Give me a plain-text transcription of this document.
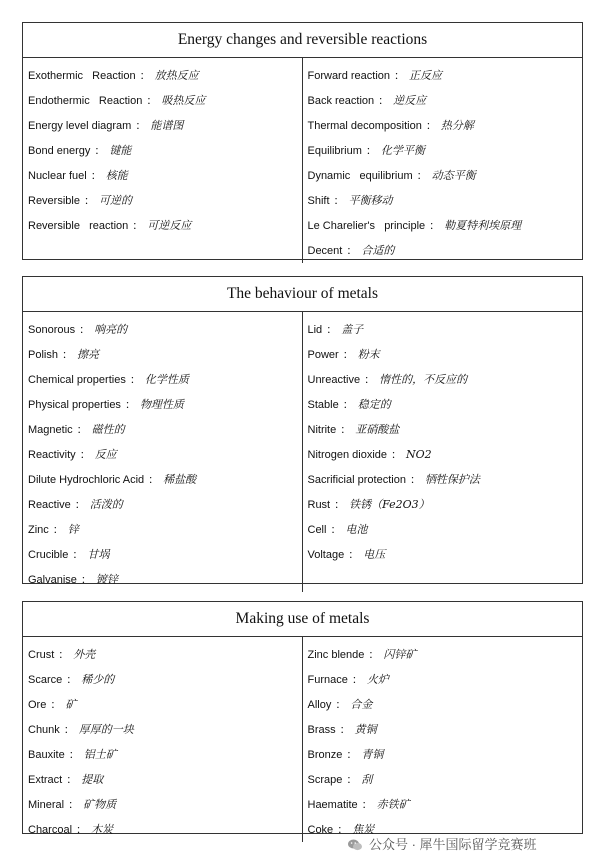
Energy changes and reversible reactions
Exothermic   Reaction ： 放热反应
Endothermic   Reaction ： 吸热反应
Energy level diagram ： 能谱图
Bond energy ： 键能
Nuclear fuel ： 核能
Reversible ： 可逆的
Reversible   reaction ： 可逆反应
Forward reaction ： 正反应
Back reaction ： 逆反应
Thermal decomposition ： 热分解
Equilibrium ： 化学平衡
Dynamic   equilibrium ： 动态平衡
Shift ： 平衡移动
Le Charelier's   principle ： 勒夏特利埃原理
Decent ： 合适的
The behaviour of metals
Sonorous ： 响亮的
Polish ： 擦亮
Chemical properties ： 化学性质
Physical properties ： 物理性质
Magnetic ： 磁性的
Reactivity ： 反应
Dilute Hydrochloric Acid ： 稀盐酸
Reactive ： 活泼的
Zinc ： 锌
Crucible ： 甘埚
Galvanise ： 镀锌
Lid ： 盖子
Power ： 粉末
Unreactive ： 惰性的，不反应的
Stable ： 稳定的
Nitrite ： 亚硝酸盐
Nitrogen dioxide ： NO2
Sacrificial protection ： 牺牲保护法
Rust ： 铁锈（Fe2O3）
Cell ： 电池
Voltage ： 电压
Making use of metals
Crust ： 外壳
Scarce ： 稀少的
Ore ： 矿
Chunk ： 厚厚的一块
Bauxite ： 铝土矿
Extract ： 提取
Mineral ： 矿物质
Charcoal ： 木炭
Zinc blende ： 闪锌矿
Furnace ： 火炉
Alloy ： 合金
Brass ： 黄铜
Bronze ： 青铜
Scrape ： 刮
Haematite ： 赤铁矿
Coke ： 焦炭
公众号 · 犀牛国际留学竞赛班
